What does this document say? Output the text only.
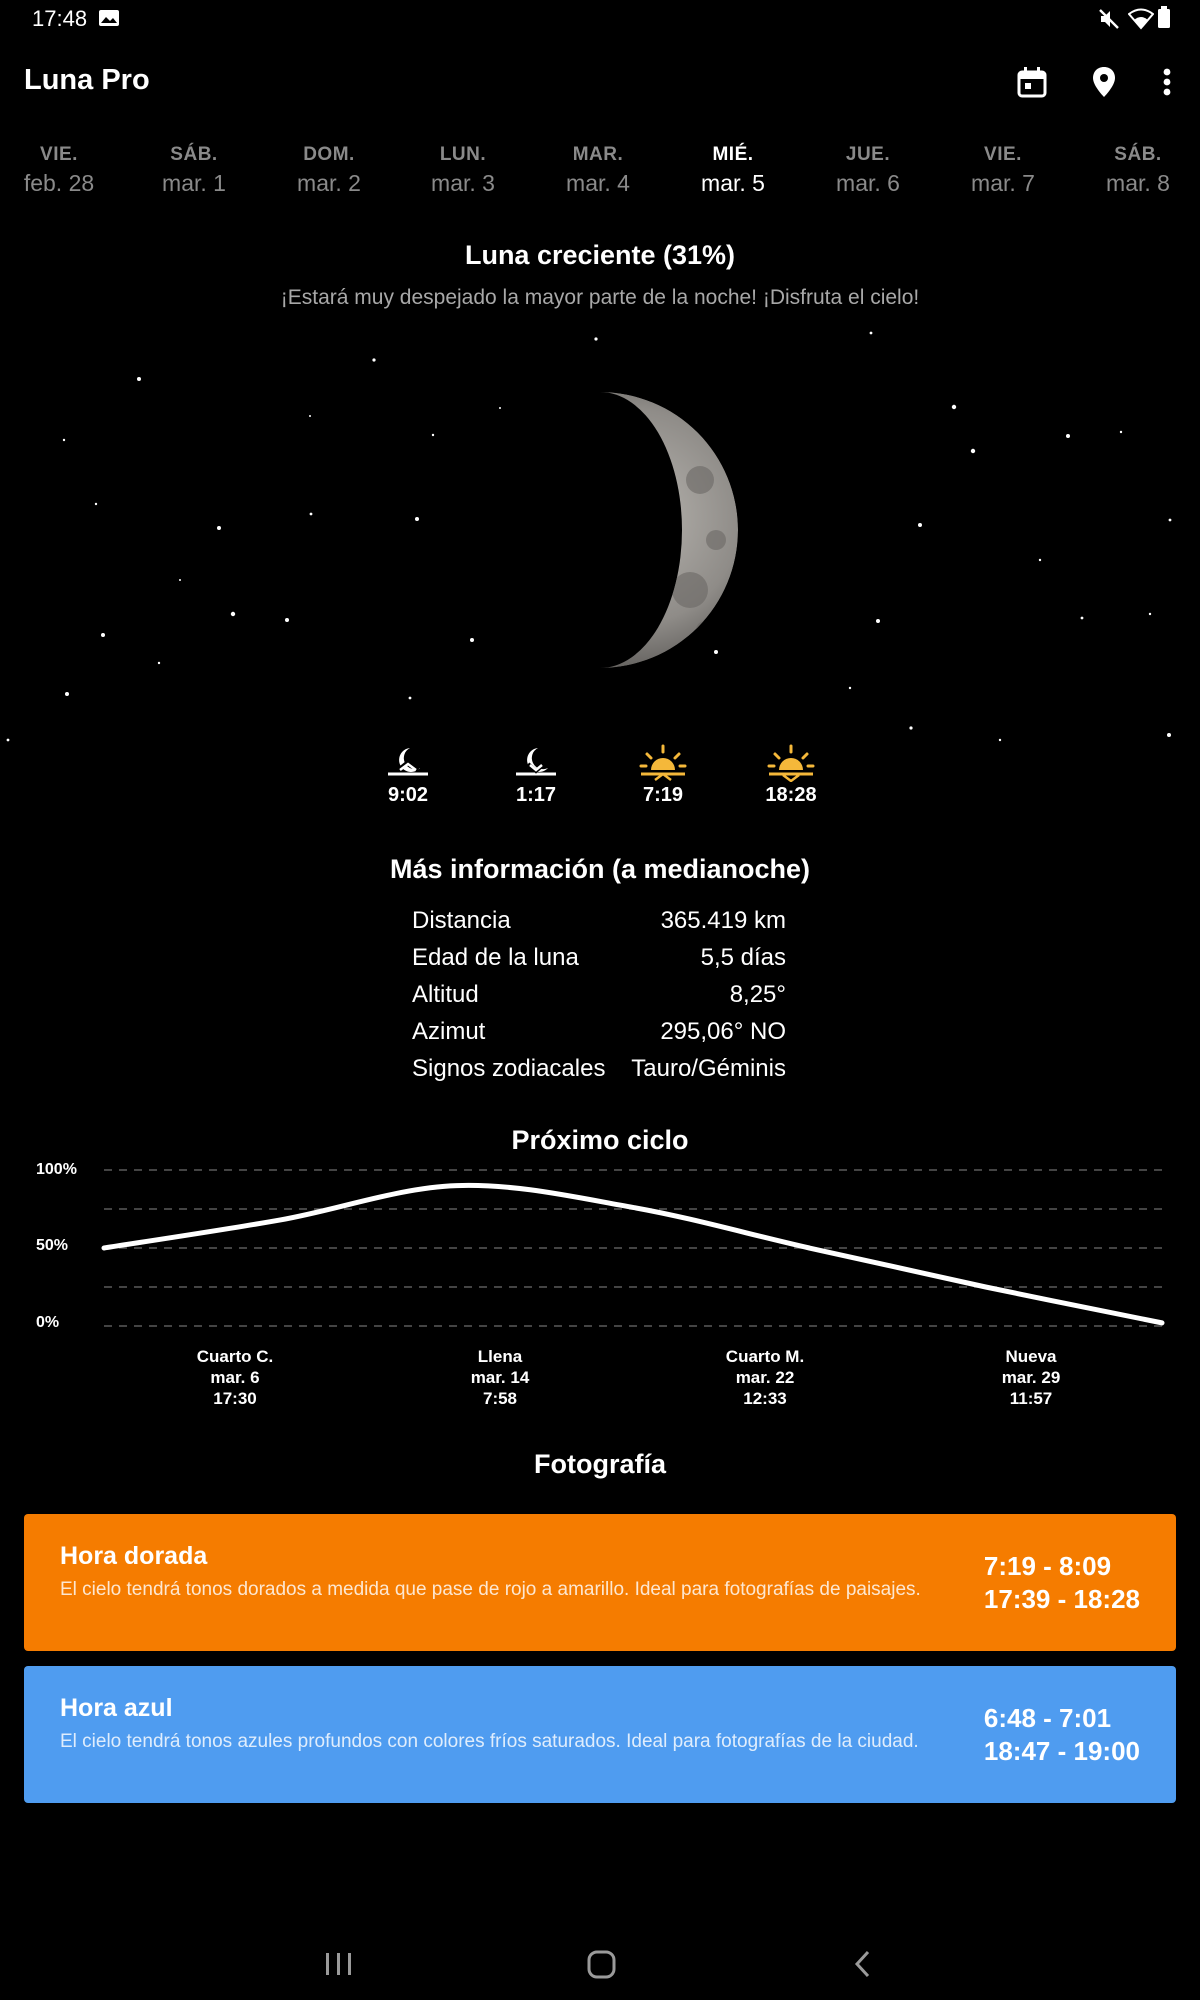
17:48
Luna Pro
VIE.
feb. 28
SÁB.
mar. 1
DOM.
mar. 2
LUN.
mar. 3
MAR.
mar. 4
MIÉ.
mar. 5
JUE.
mar. 6
VIE.
mar. 7
SÁB.
mar. 8
Luna creciente (31%)
¡Estará muy despejado la mayor parte de la noche! ¡Disfruta el cielo!
9:02	1:17	7:19	18:28
Más información (a medianoche)
Distancia	365.419 km
Edad de la luna	5,5 días
Altitud	8,25°
Azimut	295,06° NO
Signos zodiacales Tauro/Géminis
Próximo ciclo
100%
50%
0%
Cuarto C.
mar. 6
17:30
Llena
mar. 14
7:58
Cuarto M.
mar. 22
12:33
Nueva
mar. 29
11:57
Fotografía
Hora dorada
El cielo tendrá tonos dorados a medida que pase de rojo a amarillo. Ideal para fotografías de paisajes.
7:19 - 8:09
17:39 - 18:28
Hora azul
El cielo tendrá tonos azules profundos con colores fríos saturados. Ideal para fotografías de la ciudad.
6:48 - 7:01
18:47 - 19:00
